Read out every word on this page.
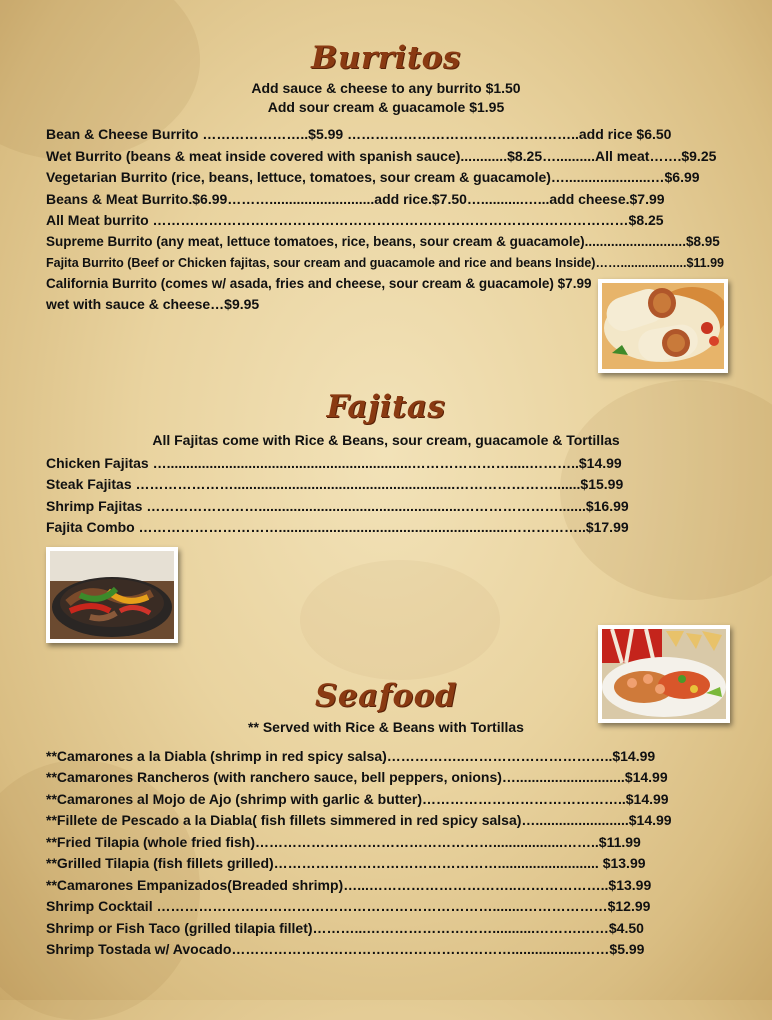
Burritos
Add sauce & cheese to any burrito $1.50
Add sour cream & guacamole $1.95
Bean & Cheese Burrito …………………..$5.99 …………………………………………..add rice $6.50
Wet Burrito (beans & meat inside covered with spanish sauce)............$8.25…..........All meat…….$9.25
Vegetarian Burrito (rice, beans, lettuce, tomatoes, sour cream & guacamole)…......................…$6.99
Beans & Meat Burrito.$6.99………...........................add rice.$7.50…...........…...add cheese.$7.99
All Meat burrito …………………………………………………………………………………………$8.25
Supreme Burrito (any meat, lettuce tomatoes, rice, beans, sour cream & guacamole)...........................$8.95
Fajita Burrito (Beef or Chicken fajitas, sour cream and guacamole and rice and beans Inside)……...................$11.99
California Burrito (comes w/ asada, fries and cheese, sour cream & guacamole) $7.99
wet with sauce & cheese…$9.95
Fajitas
All Fajitas come with Rice & Beans, sour cream, guacamole & Tortillas
Chicken Fajitas …...............................................................………………….....………..$14.99
Steak Fajitas ………………….........................................................………………….......$15.99
Shrimp Fajitas ……………………....................................................………………….......$16.99
Fajita Combo …………………………...........................................................……………..$17.99
Seafood
** Served with Rice & Beans with Tortillas
**Camarones a la Diabla (shrimp in red spicy salsa)……………..…………………………..$14.99
**Camarones Rancheros (with ranchero sauce, bell peppers, onions)…............................$14.99
**Camarones al Mojo de Ajo (shrimp with garlic & butter)……………………………………..$14.99
**Fillete de Pescado a la Diabla( fish fillets simmered in red spicy salsa)…........................$14.99
**Fried Tilapia (whole fried fish)……………………………………………..................……..$11.99
**Grilled Tilapia (fish fillets grilled)………………………………………….......................... $13.99
**Camarones Empanizados(Breaded shrimp)…...…………………………..………………..$13.99
Shrimp Cocktail ………………………………………………………………........………………$12.99
Shrimp or Fish Taco (grilled tilapia fillet)………...………………………...........……….……$4.50
Shrimp Tostada w/ Avocado……………………………………………………..................……$5.99
